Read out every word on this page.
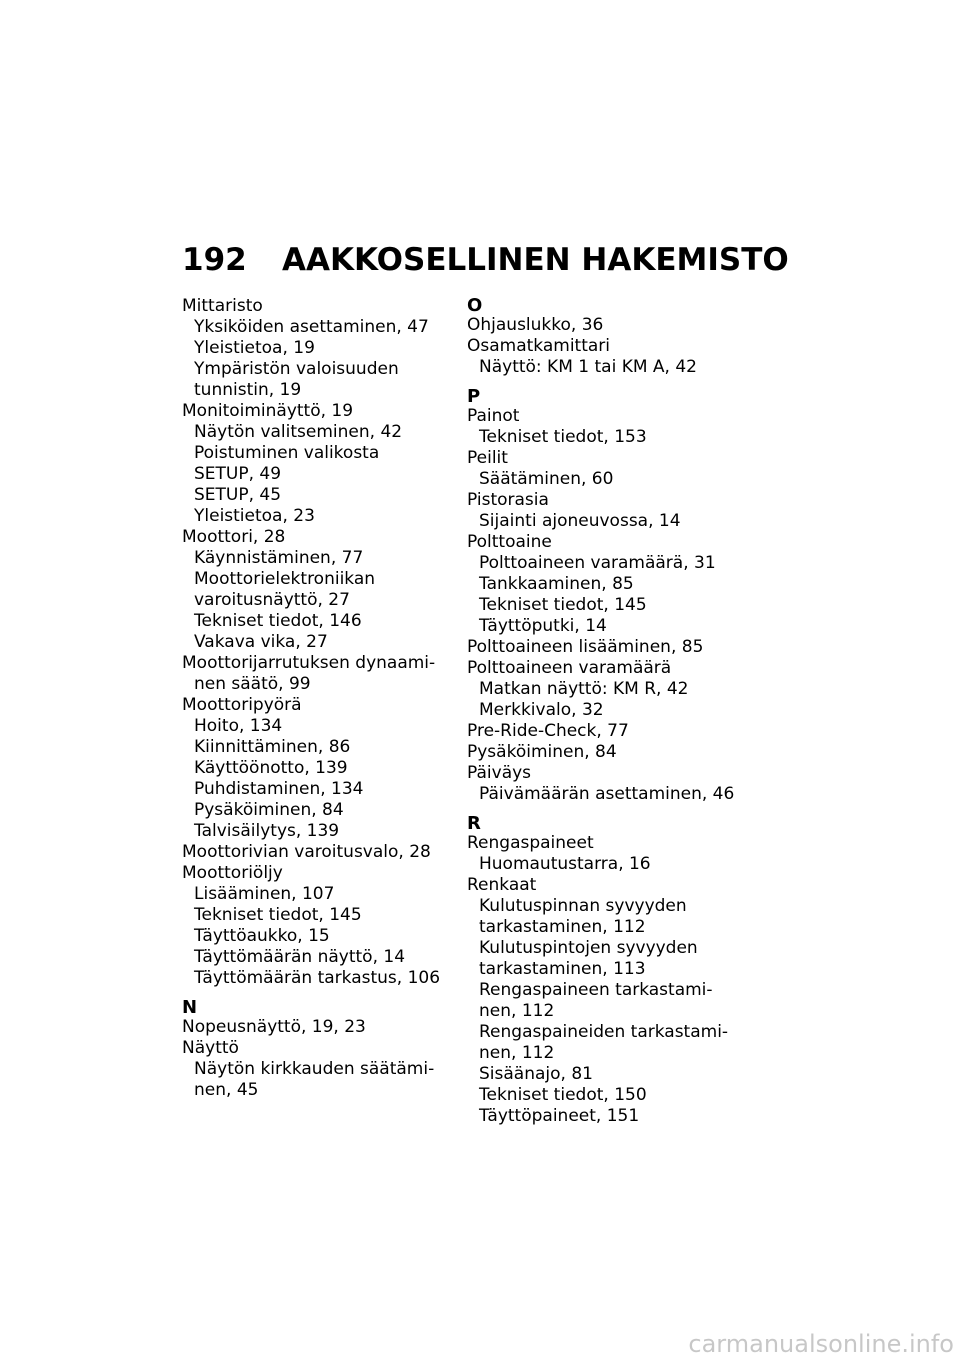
192 AAKKOSELLINEN HAKEMISTO
Mittaristo
Yksiköiden asettaminen, 47
Yleistietoa, 19
Ympäristön valoisuuden
tunnistin, 19
Monitoiminäyttö, 19
Näytön valitseminen, 42
Poistuminen valikosta
SETUP, 49
SETUP, 45
Yleistietoa, 23
Moottori, 28
Käynnistäminen, 77
Moottorielektroniikan
varoitusnäyttö, 27
Tekniset tiedot, 146
Vakava vika, 27
Moottorijarrutuksen dynaami-
nen säätö, 99
Moottoripyörä
Hoito, 134
Kiinnittäminen, 86
Käyttöönotto, 139
Puhdistaminen, 134
Pysäköiminen, 84
Talvisäilytys, 139
Moottorivian varoitusvalo, 28
Moottoriöljy
Lisääminen, 107
Tekniset tiedot, 145
Täyttöaukko, 15
Täyttömäärän näyttö, 14
Täyttömäärän tarkastus, 106
N
Nopeusnäyttö, 19, 23
Näyttö
Näytön kirkkauden säätämi-
nen, 45
O
Ohjauslukko, 36
Osamatkamittari
Näyttö: KM 1 tai KM A, 42
P
Painot
Tekniset tiedot, 153
Peilit
Säätäminen, 60
Pistorasia
Sijainti ajoneuvossa, 14
Polttoaine
Polttoaineen varamäärä, 31
Tankkaaminen, 85
Tekniset tiedot, 145
Täyttöputki, 14
Polttoaineen lisääminen, 85
Polttoaineen varamäärä
Matkan näyttö: KM R, 42
Merkkivalo, 32
Pre-Ride-Check, 77
Pysäköiminen, 84
Päiväys
Päivämäärän asettaminen, 46
R
Rengaspaineet
Huomautustarra, 16
Renkaat
Kulutuspinnan syvyyden
tarkastaminen, 112
Kulutuspintojen syvyyden
tarkastaminen, 113
Rengaspaineen tarkastami-
nen, 112
Rengaspaineiden tarkastami-
nen, 112
Sisäänajo, 81
Tekniset tiedot, 150
Täyttöpaineet, 151
carmanualsonline.info
